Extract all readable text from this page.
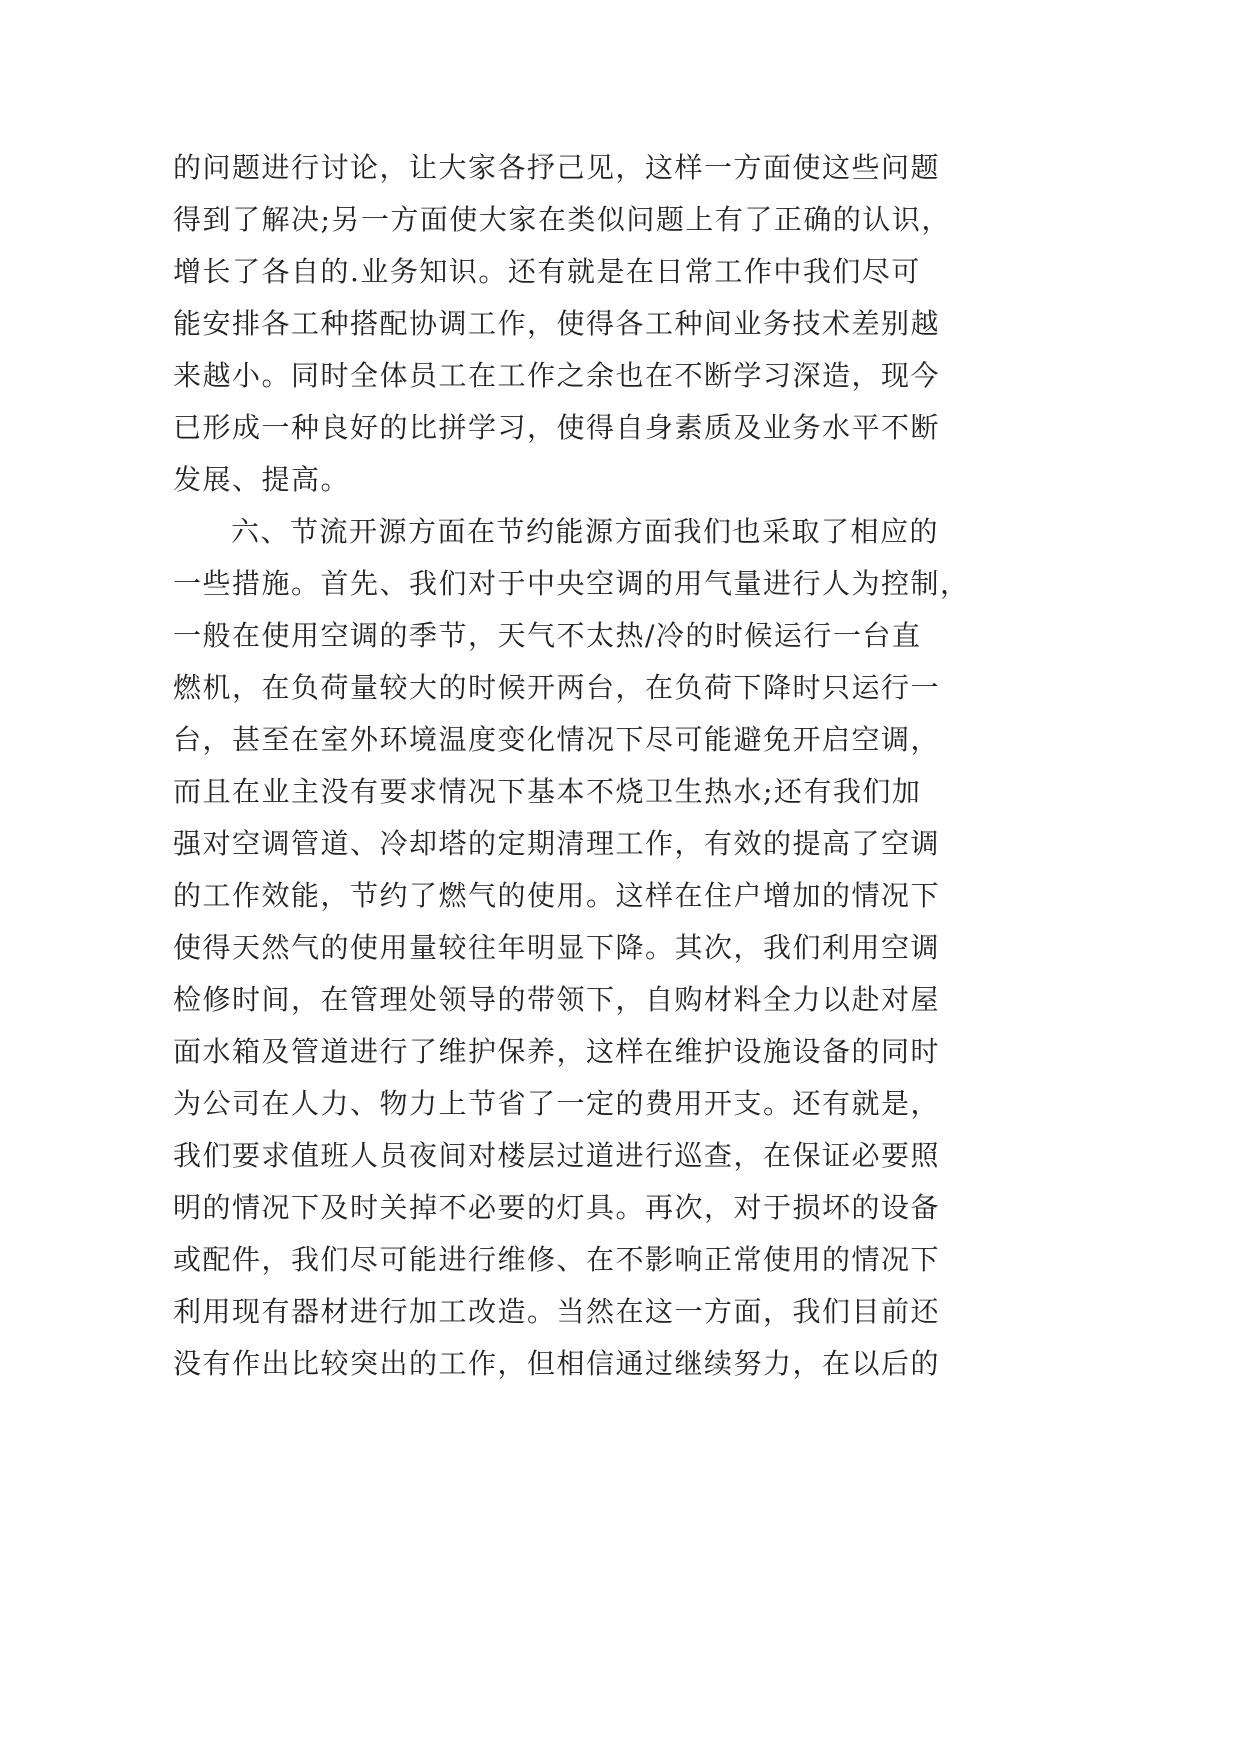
的问题进行讨论，让大家各抒己见，这样一方面使这些问题
得到了解决;另一方面使大家在类似问题上有了正确的认识，
增长了各自的.业务知识。还有就是在日常工作中我们尽可
能安排各工种搭配协调工作，使得各工种间业务技术差别越
来越小。同时全体员工在工作之余也在不断学习深造，现今
已形成一种良好的比拼学习，使得自身素质及业务水平不断
发展、提高。
六、节流开源方面在节约能源方面我们也采取了相应的
一些措施。首先、我们对于中央空调的用气量进行人为控制，
一般在使用空调的季节，天气不太热/冷的时候运行一台直
燃机，在负荷量较大的时候开两台，在负荷下降时只运行一
台，甚至在室外环境温度变化情况下尽可能避免开启空调，
而且在业主没有要求情况下基本不烧卫生热水;还有我们加
强对空调管道、冷却塔的定期清理工作，有效的提高了空调
的工作效能，节约了燃气的使用。这样在住户增加的情况下
使得天然气的使用量较往年明显下降。其次，我们利用空调
检修时间，在管理处领导的带领下，自购材料全力以赴对屋
面水箱及管道进行了维护保养，这样在维护设施设备的同时
为公司在人力、物力上节省了一定的费用开支。还有就是，
我们要求值班人员夜间对楼层过道进行巡查，在保证必要照
明的情况下及时关掉不必要的灯具。再次，对于损坏的设备
或配件，我们尽可能进行维修、在不影响正常使用的情况下
利用现有器材进行加工改造。当然在这一方面，我们目前还
没有作出比较突出的工作，但相信通过继续努力，在以后的
